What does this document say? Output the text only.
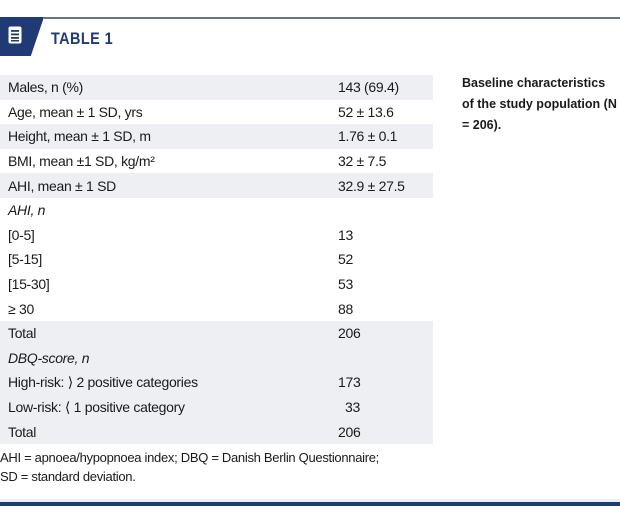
TABLE 1
Males, n (%)	143 (69.4)
Age, mean ± 1 SD, yrs	52 ± 13.6
Height, mean ± 1 SD, m	1.76 ± 0.1
BMI, mean ±1 SD, kg/m²	32 ± 7.5
AHI, mean ± 1 SD	32.9 ± 27.5
AHI, n
[0-5]	13
[5-15]	52
[15-30]	53
≥ 30	88
Total	206
DBQ-score, n
High-risk: ⟩ 2 positive categories	173
Low-risk: ⟨ 1 positive category	33
Total	206
Baseline characteristics of the study population (N = 206).
AHI = apnoea/hypopnoea index; DBQ = Danish Berlin Questionnaire;
SD = standard deviation.
